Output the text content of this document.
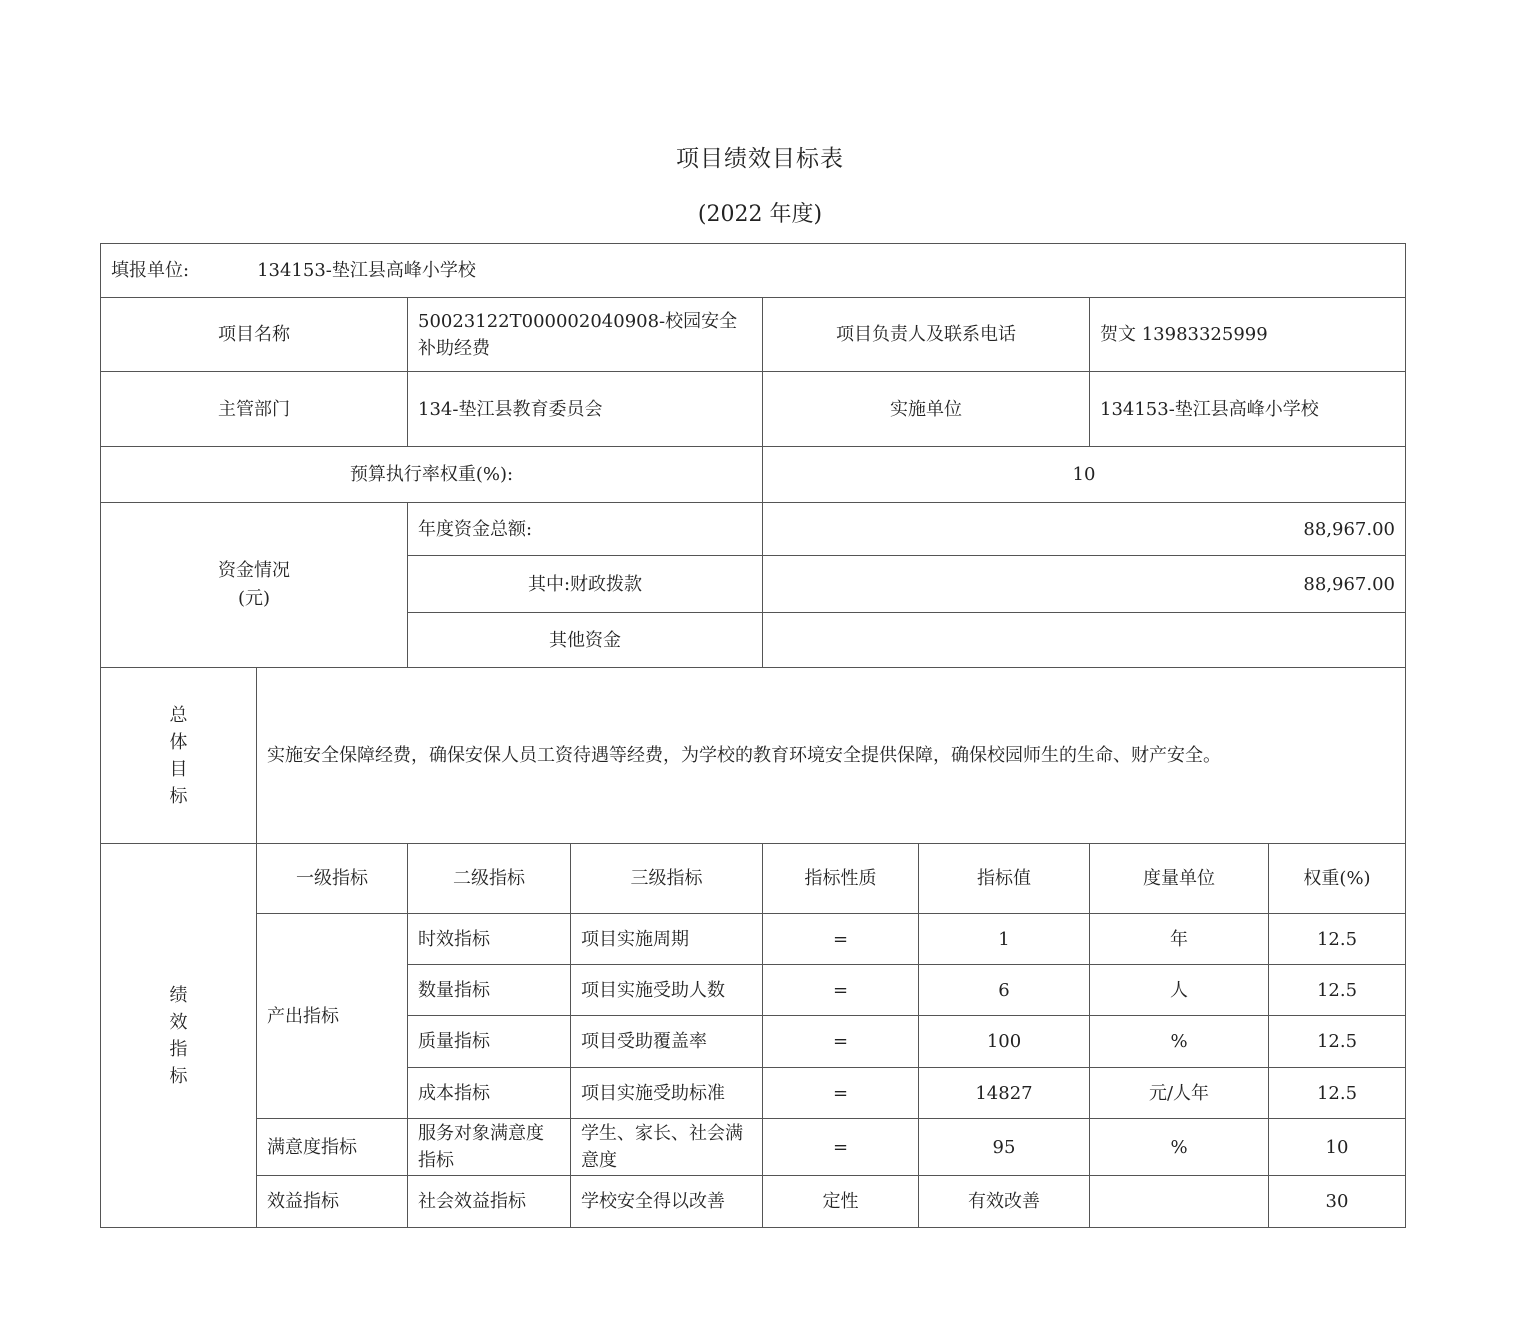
项目绩效目标表
(2022 年度)
填报单位: 134153-垫江县高峰小学校							
项目名称		50023122T000002040908-校园安全补助经费		项目负责人及联系电话		贺文 13983325999	
主管部门		134-垫江县教育委员会		实施单位		134153-垫江县高峰小学校	
预算执行率权重(%):				10			

资金情况
(元)		年度资金总额:		88,967.00			
		其中:财政拨款		88,967.00			
		其他资金					

总
体
目
标	实施安全保障经费，确保安保人员工资待遇等经费，为学校的教育环境安全提供保障，确保校园师生的生命、财产安全。						

绩
效
指
标	一级指标	二级指标	三级指标	指标性质	指标值	度量单位	权重(%)
	产出指标	时效指标	项目实施周期	=	1	年	12.5
		数量指标	项目实施受助人数	=	6	人	12.5
		质量指标	项目受助覆盖率	=	100	%	12.5
		成本指标	项目实施受助标准	=	14827	元/人年	12.5
	满意度指标	服务对象满意度指标	学生、家长、社会满意度	=	95	%	10
	效益指标	社会效益指标	学校安全得以改善	定性	有效改善		30
